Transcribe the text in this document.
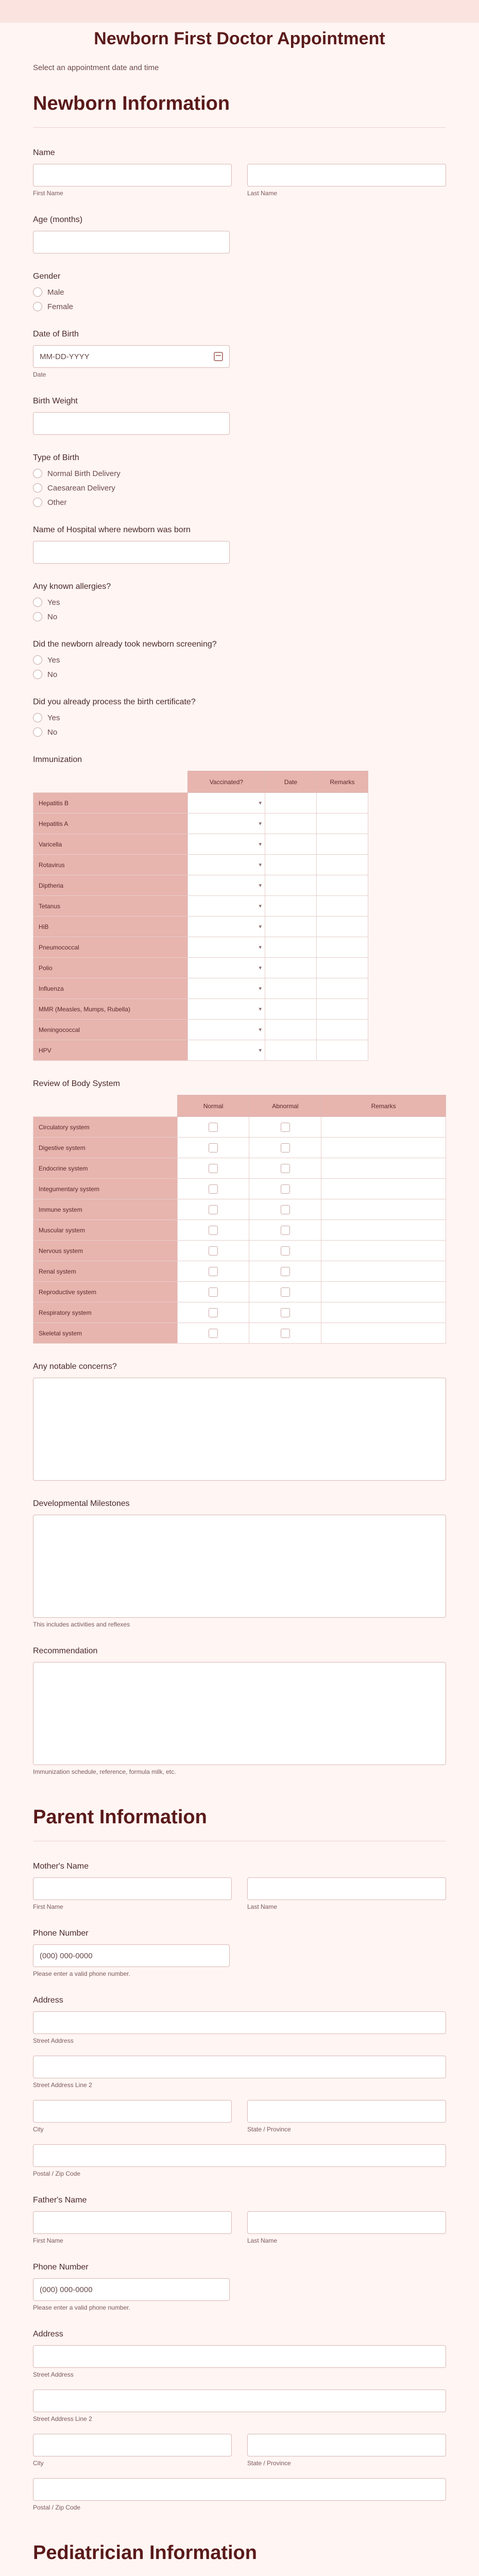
Newborn First Doctor Appointment
Select an appointment date and time
Newborn Information
Name
First Name	Last Name
Age (months)
Gender
Male
Female
Date of Birth
MM-DD-YYYY
Date
Birth Weight
Type of Birth
Normal Birth Delivery
Caesarean Delivery
Other
Name of Hospital where newborn was born
Any known allergies?
Yes
No
Did the newborn already took newborn screening?
Yes
No
Did you already process the birth certificate?
Yes
No
Immunization
	Vaccinated?	Date	Remarks
Hepatitis B	▾		

Hepatitis A	▾		

Varicella	▾		

Rotavirus	▾		

Diptheria	▾		

Tetanus	▾		

HiB	▾		

Pneumococcal	▾		

Polio	▾		

Influenza	▾		

MMR (Measles, Mumps, Rubella)	▾		

Meningococcal	▾		

HPV	▾		

Review of Body System
	Normal	Abnormal	Remarks
Circulatory system	

Digestive system	

Endocrine system	

Integumentary system	

Immune system	

Muscular system	

Nervous system	

Renal system	

Reproductive system	

Respiratory system	

Skeletal system	

Any notable concerns?
Developmental Milestones
This includes activities and reflexes
Recommendation
Immunization schedule, reference, formula milk, etc.
Parent Information
Mother's Name
First Name	Last Name
Phone Number
(000) 000-0000
Please enter a valid phone number.
Address
Street Address
Street Address Line 2
City	State / Province
Postal / Zip Code
Father's Name
First Name	Last Name
Phone Number
(000) 000-0000
Please enter a valid phone number.
Address
Street Address
Street Address Line 2
City	State / Province
Postal / Zip Code
Pediatrician Information
